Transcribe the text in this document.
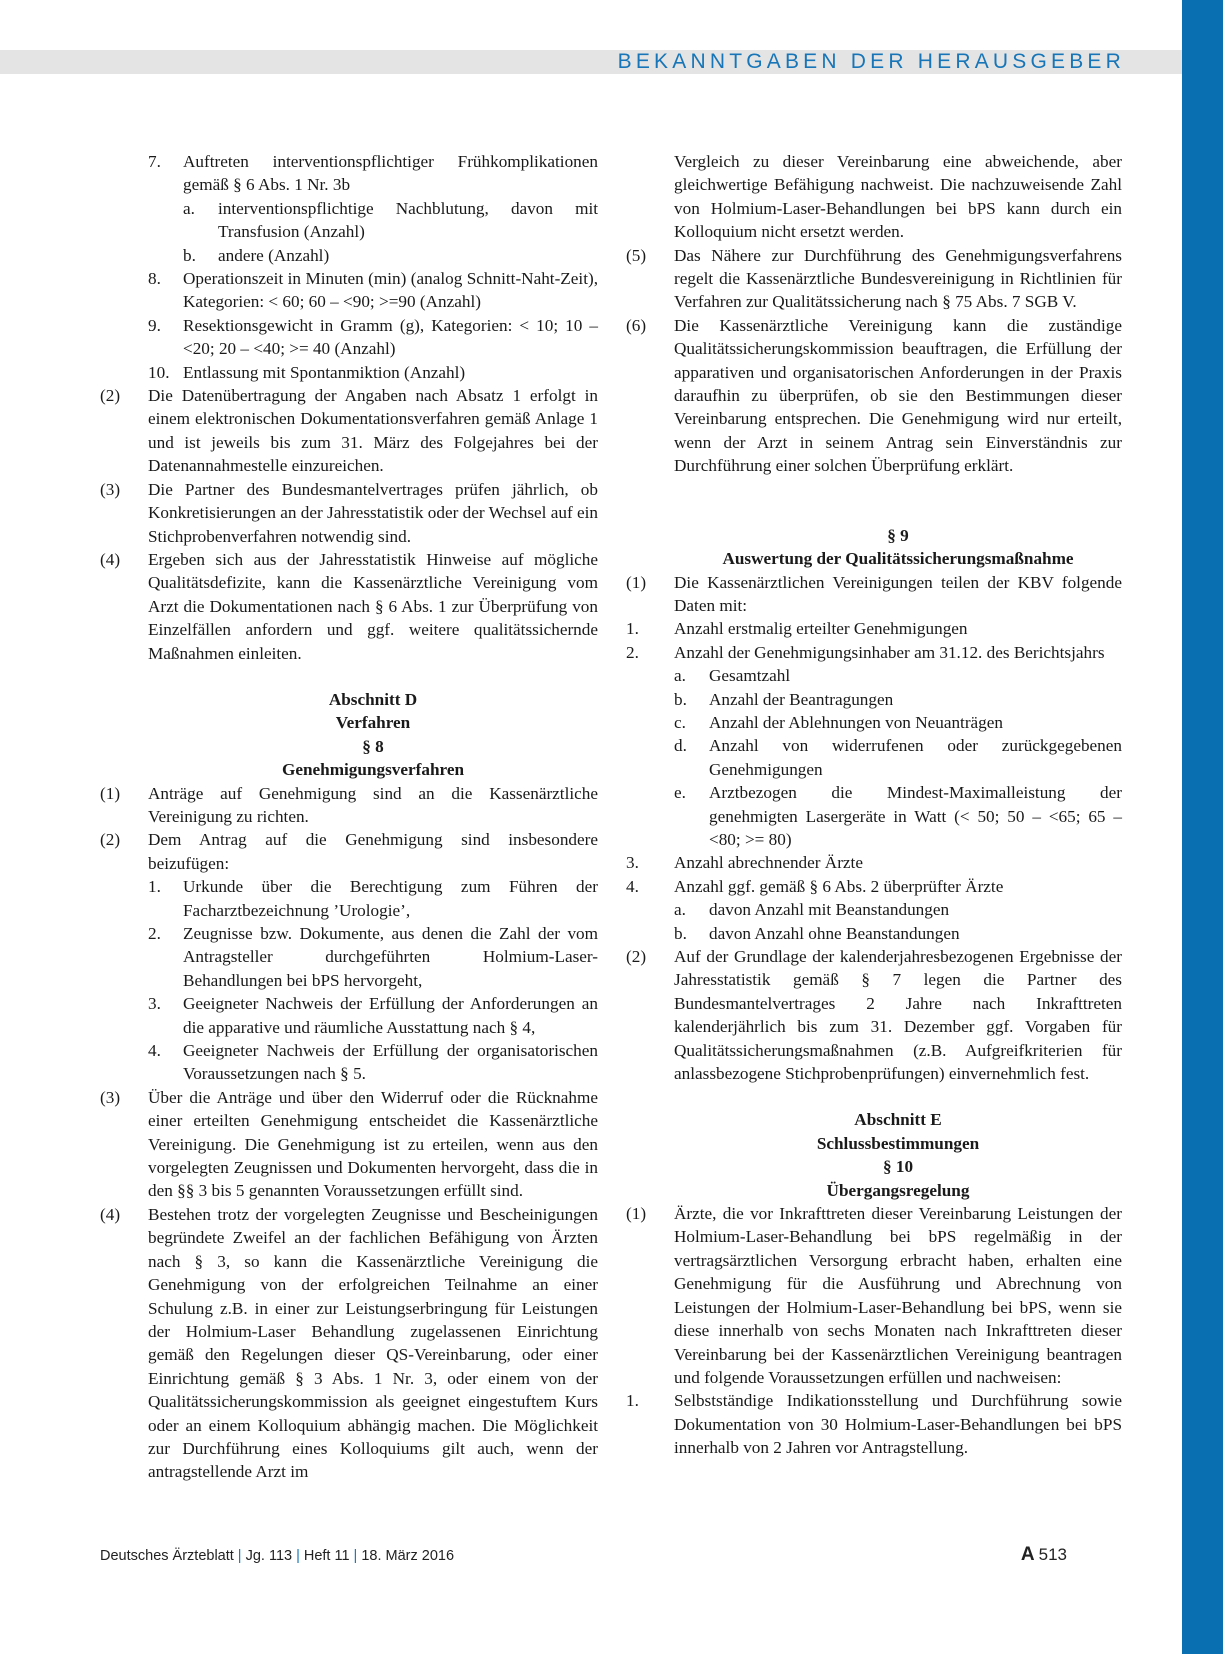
BEKANNTGABEN DER HERAUSGEBER
7. Auftreten interventionspflichtiger Frühkomplikationen gemäß § 6 Abs. 1 Nr. 3b
a. interventionspflichtige Nachblutung, davon mit Transfusion (Anzahl)
b. andere (Anzahl)
8. Operationszeit in Minuten (min) (analog Schnitt-Naht-Zeit), Kategorien: < 60; 60 – <90; >=90 (Anzahl)
9. Resektionsgewicht in Gramm (g), Kategorien: < 10; 10 – <20; 20 – <40; >= 40 (Anzahl)
10. Entlassung mit Spontanmiktion (Anzahl)
(2) Die Datenübertragung der Angaben nach Absatz 1 erfolgt in einem elektronischen Dokumentationsverfahren gemäß Anlage 1 und ist jeweils bis zum 31. März des Folgejahres bei der Datenannahmestelle einzureichen.
(3) Die Partner des Bundesmantelvertrages prüfen jährlich, ob Konkretisierungen an der Jahresstatistik oder der Wechsel auf ein Stichprobenverfahren notwendig sind.
(4) Ergeben sich aus der Jahresstatistik Hinweise auf mögliche Qualitätsdefizite, kann die Kassenärztliche Vereinigung vom Arzt die Dokumentationen nach § 6 Abs. 1 zur Überprüfung von Einzelfällen anfordern und ggf. weitere qualitätssichernde Maßnahmen einleiten.
Abschnitt D
Verfahren
§ 8
Genehmigungsverfahren
(1) Anträge auf Genehmigung sind an die Kassenärztliche Vereinigung zu richten.
(2) Dem Antrag auf die Genehmigung sind insbesondere beizufügen:
1. Urkunde über die Berechtigung zum Führen der Facharztbezeichnung ’Urologie’,
2. Zeugnisse bzw. Dokumente, aus denen die Zahl der vom Antragsteller durchgeführten Holmium-Laser-Behandlungen bei bPS hervorgeht,
3. Geeigneter Nachweis der Erfüllung der Anforderungen an die apparative und räumliche Ausstattung nach § 4,
4. Geeigneter Nachweis der Erfüllung der organisatorischen Voraussetzungen nach § 5.
(3) Über die Anträge und über den Widerruf oder die Rücknahme einer erteilten Genehmigung entscheidet die Kassenärztliche Vereinigung. Die Genehmigung ist zu erteilen, wenn aus den vorgelegten Zeugnissen und Dokumenten hervorgeht, dass die in den §§ 3 bis 5 genannten Voraussetzungen erfüllt sind.
(4) Bestehen trotz der vorgelegten Zeugnisse und Bescheinigungen begründete Zweifel an der fachlichen Befähigung von Ärzten nach § 3, so kann die Kassenärztliche Vereinigung die Genehmigung von der erfolgreichen Teilnahme an einer Schulung z.B. in einer zur Leistungserbringung für Leistungen der Holmium-Laser Behandlung zugelassenen Einrichtung gemäß den Regelungen dieser QS-Vereinbarung, oder einer Einrichtung gemäß § 3 Abs. 1 Nr. 3, oder einem von der Qualitätssicherungskommission als geeignet eingestuftem Kurs oder an einem Kolloquium abhängig machen. Die Möglichkeit zur Durchführung eines Kolloquiums gilt auch, wenn der antragstellende Arzt im
Vergleich zu dieser Vereinbarung eine abweichende, aber gleichwertige Befähigung nachweist. Die nachzuweisende Zahl von Holmium-Laser-Behandlungen bei bPS kann durch ein Kolloquium nicht ersetzt werden.
(5) Das Nähere zur Durchführung des Genehmigungsverfahrens regelt die Kassenärztliche Bundesvereinigung in Richtlinien für Verfahren zur Qualitätssicherung nach § 75 Abs. 7 SGB V.
(6) Die Kassenärztliche Vereinigung kann die zuständige Qualitätssicherungskommission beauftragen, die Erfüllung der apparativen und organisatorischen Anforderungen in der Praxis daraufhin zu überprüfen, ob sie den Bestimmungen dieser Vereinbarung entsprechen. Die Genehmigung wird nur erteilt, wenn der Arzt in seinem Antrag sein Einverständnis zur Durchführung einer solchen Überprüfung erklärt.
§ 9
Auswertung der Qualitätssicherungsmaßnahme
(1) Die Kassenärztlichen Vereinigungen teilen der KBV folgende Daten mit:
1. Anzahl erstmalig erteilter Genehmigungen
2. Anzahl der Genehmigungsinhaber am 31.12. des Berichtsjahrs
a. Gesamtzahl
b. Anzahl der Beantragungen
c. Anzahl der Ablehnungen von Neuanträgen
d. Anzahl von widerrufenen oder zurückgegebenen Genehmigungen
e. Arztbezogen die Mindest-Maximalleistung der genehmigten Lasergeräte in Watt (< 50; 50 – <65; 65 – <80; >= 80)
3. Anzahl abrechnender Ärzte
4. Anzahl ggf. gemäß § 6 Abs. 2 überprüfter Ärzte
a. davon Anzahl mit Beanstandungen
b. davon Anzahl ohne Beanstandungen
(2) Auf der Grundlage der kalenderjahresbezogenen Ergebnisse der Jahresstatistik gemäß § 7 legen die Partner des Bundesmantelvertrages 2 Jahre nach Inkrafttreten kalenderjährlich bis zum 31. Dezember ggf. Vorgaben für Qualitätssicherungsmaßnahmen (z.B. Aufgreifkriterien für anlassbezogene Stichprobenprüfungen) einvernehmlich fest.
Abschnitt E
Schlussbestimmungen
§ 10
Übergangsregelung
(1) Ärzte, die vor Inkrafttreten dieser Vereinbarung Leistungen der Holmium-Laser-Behandlung bei bPS regelmäßig in der vertragsärztlichen Versorgung erbracht haben, erhalten eine Genehmigung für die Ausführung und Abrechnung von Leistungen der Holmium-Laser-Behandlung bei bPS, wenn sie diese innerhalb von sechs Monaten nach Inkrafttreten dieser Vereinbarung bei der Kassenärztlichen Vereinigung beantragen und folgende Voraussetzungen erfüllen und nachweisen:
1. Selbstständige Indikationsstellung und Durchführung sowie Dokumentation von 30 Holmium-Laser-Behandlungen bei bPS innerhalb von 2 Jahren vor Antragstellung.
Deutsches Ärzteblatt | Jg. 113 | Heft 11 | 18. März 2016	A 513
